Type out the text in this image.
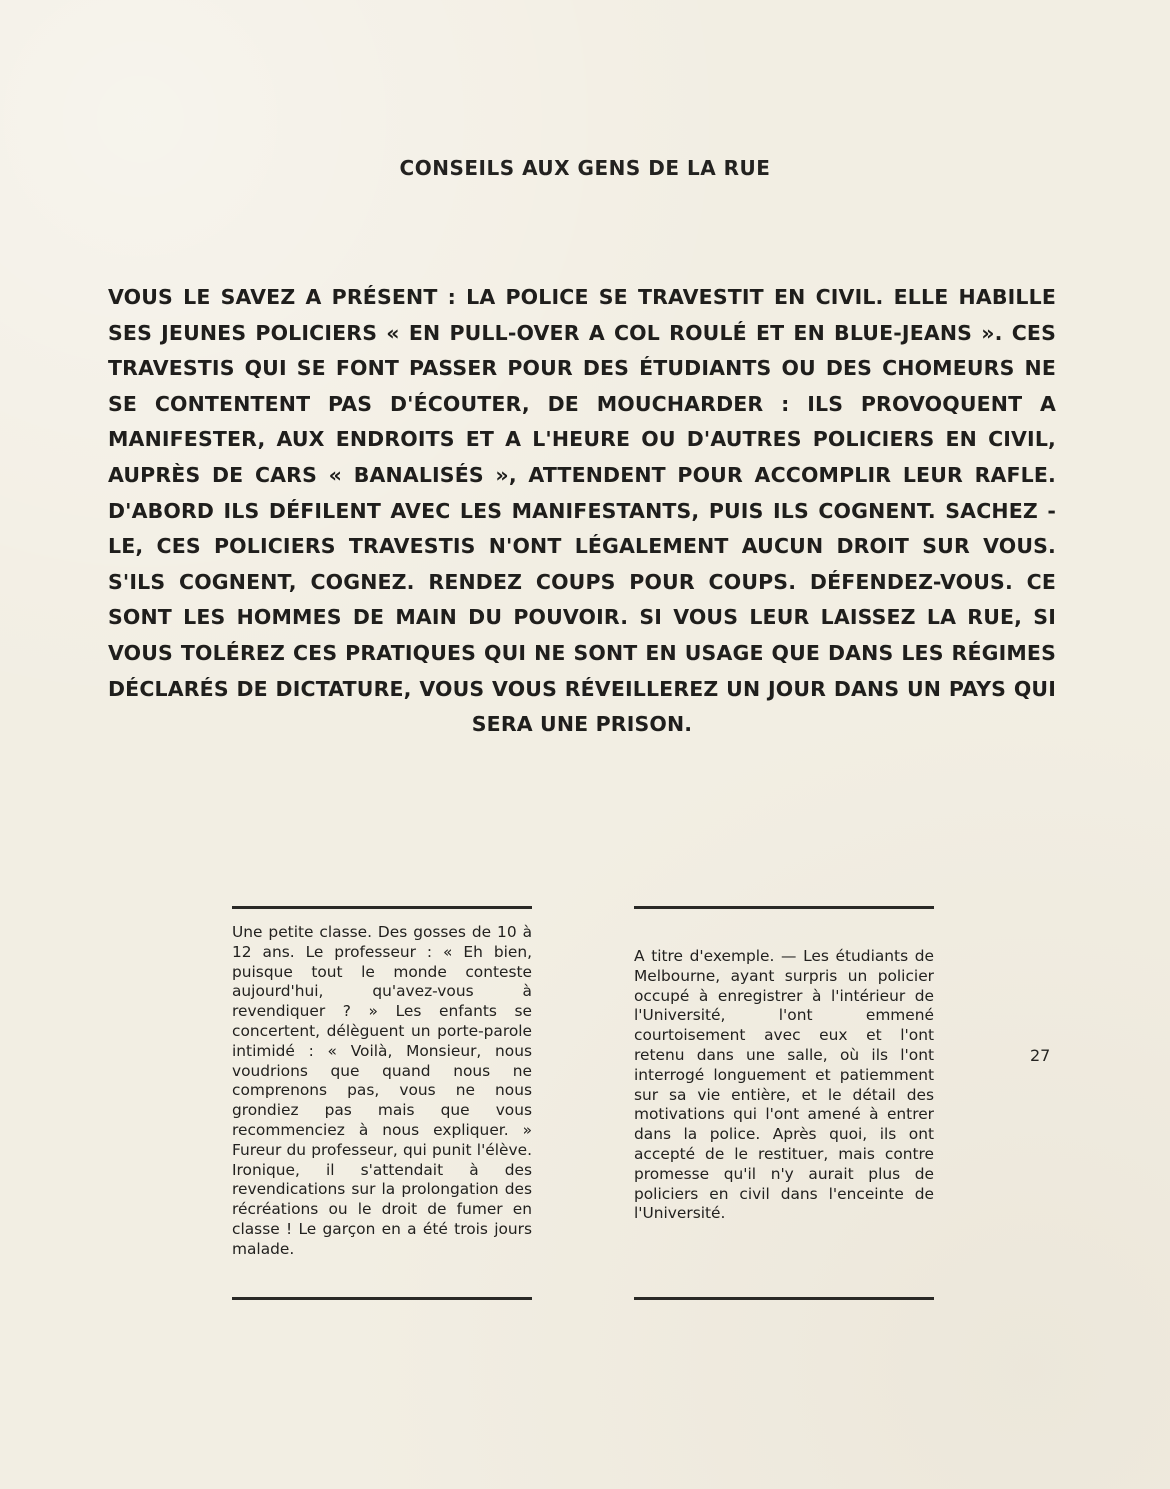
CONSEILS AUX GENS DE LA RUE

VOUS LE SAVEZ A PRÉSENT : LA POLICE SE TRAVESTIT EN CIVIL. ELLE HABILLE SES JEUNES POLICIERS « EN PULL-OVER A COL ROULÉ ET EN BLUE-JEANS ». CES TRAVESTIS QUI SE FONT PASSER POUR DES ÉTUDIANTS OU DES CHOMEURS NE SE CONTENTENT PAS D'ÉCOUTER, DE MOUCHARDER : ILS PROVOQUENT A MANIFESTER, AUX ENDROITS ET A L'HEURE OU D'AUTRES POLICIERS EN CIVIL, AUPRÈS DE CARS « BANALISÉS », ATTENDENT POUR ACCOMPLIR LEUR RAFLE. D'ABORD ILS DÉFILENT AVEC LES MANIFESTANTS, PUIS ILS COGNENT. SACHEZ - LE, CES POLICIERS TRAVESTIS N'ONT LÉGALEMENT AUCUN DROIT SUR VOUS. S'ILS COGNENT, COGNEZ. RENDEZ COUPS POUR COUPS. DÉFENDEZ-VOUS. CE SONT LES HOMMES DE MAIN DU POUVOIR. SI VOUS LEUR LAISSEZ LA RUE, SI VOUS TOLÉREZ CES PRATIQUES QUI NE SONT EN USAGE QUE DANS LES RÉGIMES DÉCLARÉS DE DICTATURE, VOUS VOUS RÉVEILLEREZ UN JOUR DANS UN PAYS QUI SERA UNE PRISON.

Une petite classe. Des gosses de 10 à 12 ans. Le professeur : « Eh bien, puisque tout le monde conteste aujourd'hui, qu'avez-vous à revendiquer ? » Les enfants se concertent, délèguent un porte-parole intimidé : « Voilà, Monsieur, nous voudrions que quand nous ne comprenons pas, vous ne nous grondiez pas mais que vous recommenciez à nous expliquer. » Fureur du professeur, qui punit l'élève. Ironique, il s'attendait à des revendications sur la prolongation des récréations ou le droit de fumer en classe ! Le garçon en a été trois jours malade.

A titre d'exemple. — Les étudiants de Melbourne, ayant surpris un policier occupé à enregistrer à l'intérieur de l'Université, l'ont emmené courtoisement avec eux et l'ont retenu dans une salle, où ils l'ont interrogé longuement et patiemment sur sa vie entière, et le détail des motivations qui l'ont amené à entrer dans la police. Après quoi, ils ont accepté de le restituer, mais contre promesse qu'il n'y aurait plus de policiers en civil dans l'enceinte de l'Université.

27
